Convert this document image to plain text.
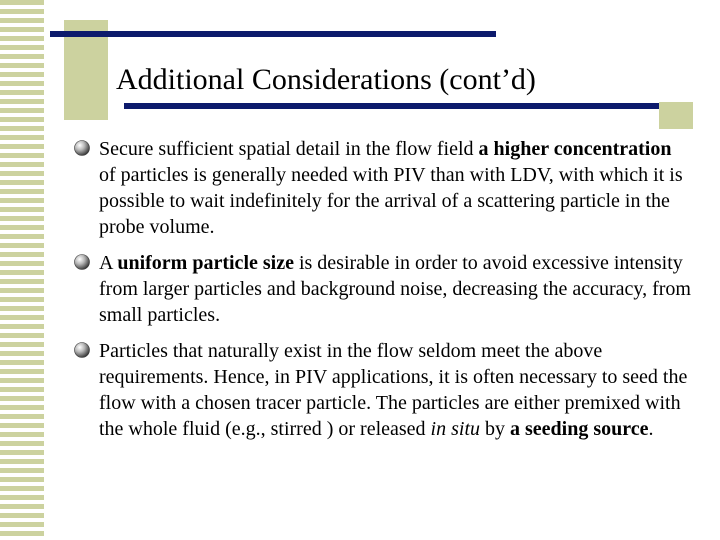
Additional Considerations (cont’d)
Secure sufficient spatial detail in the flow field a higher concentration of particles is generally needed with PIV than with LDV, with which it is possible to wait indefinitely for the arrival of a scattering particle in the probe volume.
A uniform particle size is desirable in order to avoid excessive intensity from larger particles and background noise, decreasing the accuracy, from small particles.
Particles that naturally exist in the flow seldom meet the above requirements. Hence, in PIV applications, it is often necessary to seed the flow with a chosen tracer particle. The particles are either premixed with the whole fluid (e.g., stirred ) or released in situ by a seeding source.
